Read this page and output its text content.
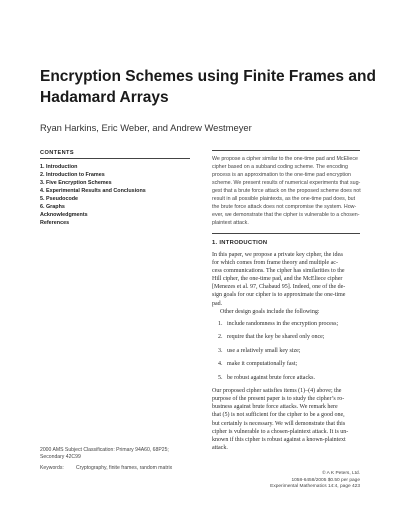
Encryption Schemes using Finite Frames and
Hadamard Arrays
Ryan Harkins, Eric Weber, and Andrew Westmeyer
CONTENTS
1. Introduction
2. Introduction to Frames
3. Five Encryption Schemes
4. Experimental Results and Conclusions
5. Pseudocode
6. Graphs
Acknowledgments
References
We propose a cipher similar to the one-time pad and McEliece
cipher based on a subband coding scheme. The encoding
process is an approximation to the one-time pad encryption
scheme. We present results of numerical experiments that sug-
gest that a brute force attack on the proposed scheme does not
result in all possible plaintexts, as the one-time pad does, but
the brute force attack does not compromise the system. How-
ever, we demonstrate that the cipher is vulnerable to a chosen-
plaintext attack.
1. INTRODUCTION
In this paper, we propose a private key cipher, the idea
for which comes from frame theory and multiple ac-
cess communications. The cipher has similarities to the
Hill cipher, the one-time pad, and the McEliece cipher
[Menezes et al. 97, Chabaud 95]. Indeed, one of the de-
sign goals for our cipher is to approximate the one-time
pad.
Other design goals include the following:
1. include randomness in the encryption process;
2. require that the key be shared only once;
3. use a relatively small key size;
4. make it computationally fast;
5. be robust against brute force attacks.
Our proposed cipher satisfies items (1)–(4) above; the
purpose of the present paper is to study the cipher’s ro-
bustness against brute force attacks. We remark here
that (5) is not sufficient for the cipher to be a good one,
but certainly is necessary. We will demonstrate that this
cipher is vulnerable to a chosen-plaintext attack. It is un-
known if this cipher is robust against a known-plaintext
attack.
2000 AMS Subject Classification: Primary 94A60, 68P25;
Secondary 42C99
Keywords: Cryptography, finite frames, random matrix
© A K Peters, Ltd.
1058-6458/2005 $0.50 per page
Experimental Mathematics 14:4, page 423
